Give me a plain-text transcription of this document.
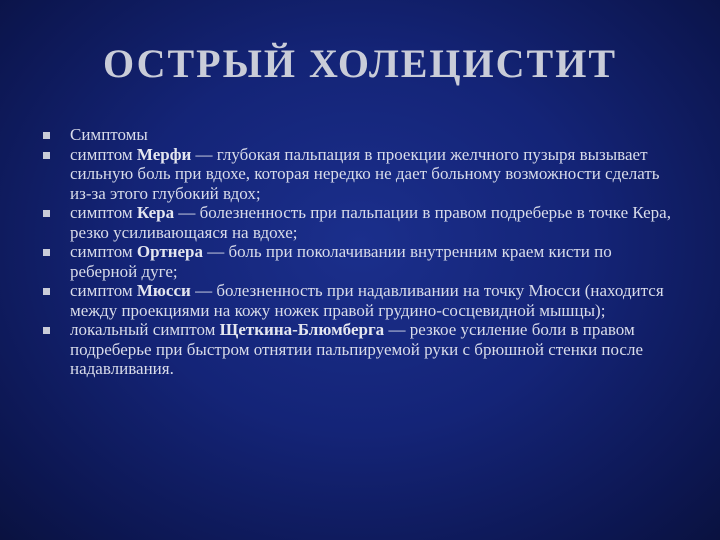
ОСТРЫЙ ХОЛЕЦИСТИТ
Симптомы
симптом Мерфи — глубокая пальпация в проекции желчного пузыря вызывает сильную боль при вдохе, которая нередко не дает больному возможности сделать из-за этого глубокий вдох;
симптом Кера — болезненность при пальпации в правом подреберье в точке Кера, резко усиливающаяся на вдохе;
симптом Ортнера — боль при поколачивании внутренним краем кисти по реберной дуге;
симптом Мюсси — болезненность при надавливании на точку Мюсси (находится между проекциями на кожу ножек правой грудино-сосцевидной мышцы);
локальный симптом Щеткина-Блюмберга — резкое усиление боли в правом подреберье при быстром отнятии пальпируемой руки с брюшной стенки после надавливания.
